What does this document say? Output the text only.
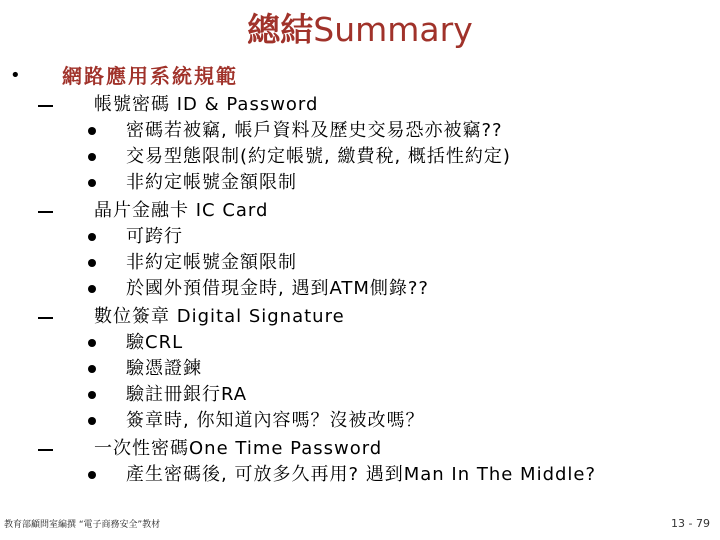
總結Summary
• 網路應用系統規範
帳號密碼 ID & Password
密碼若被竊, 帳戶資料及歷史交易恐亦被竊??
交易型態限制(約定帳號, 繳費稅, 概括性約定)
非約定帳號金額限制
晶片金融卡 IC Card
可跨行
非約定帳號金額限制
於國外預借現金時, 遇到ATM側錄??
數位簽章 Digital Signature
驗CRL
驗憑證鍊
驗註冊銀行RA
簽章時, 你知道內容嗎？沒被改嗎？
一次性密碼One Time Password
產生密碼後, 可放多久再用? 遇到Man In The Middle?
教育部顧問室編撰 “電子商務安全”教材	13 - 79
